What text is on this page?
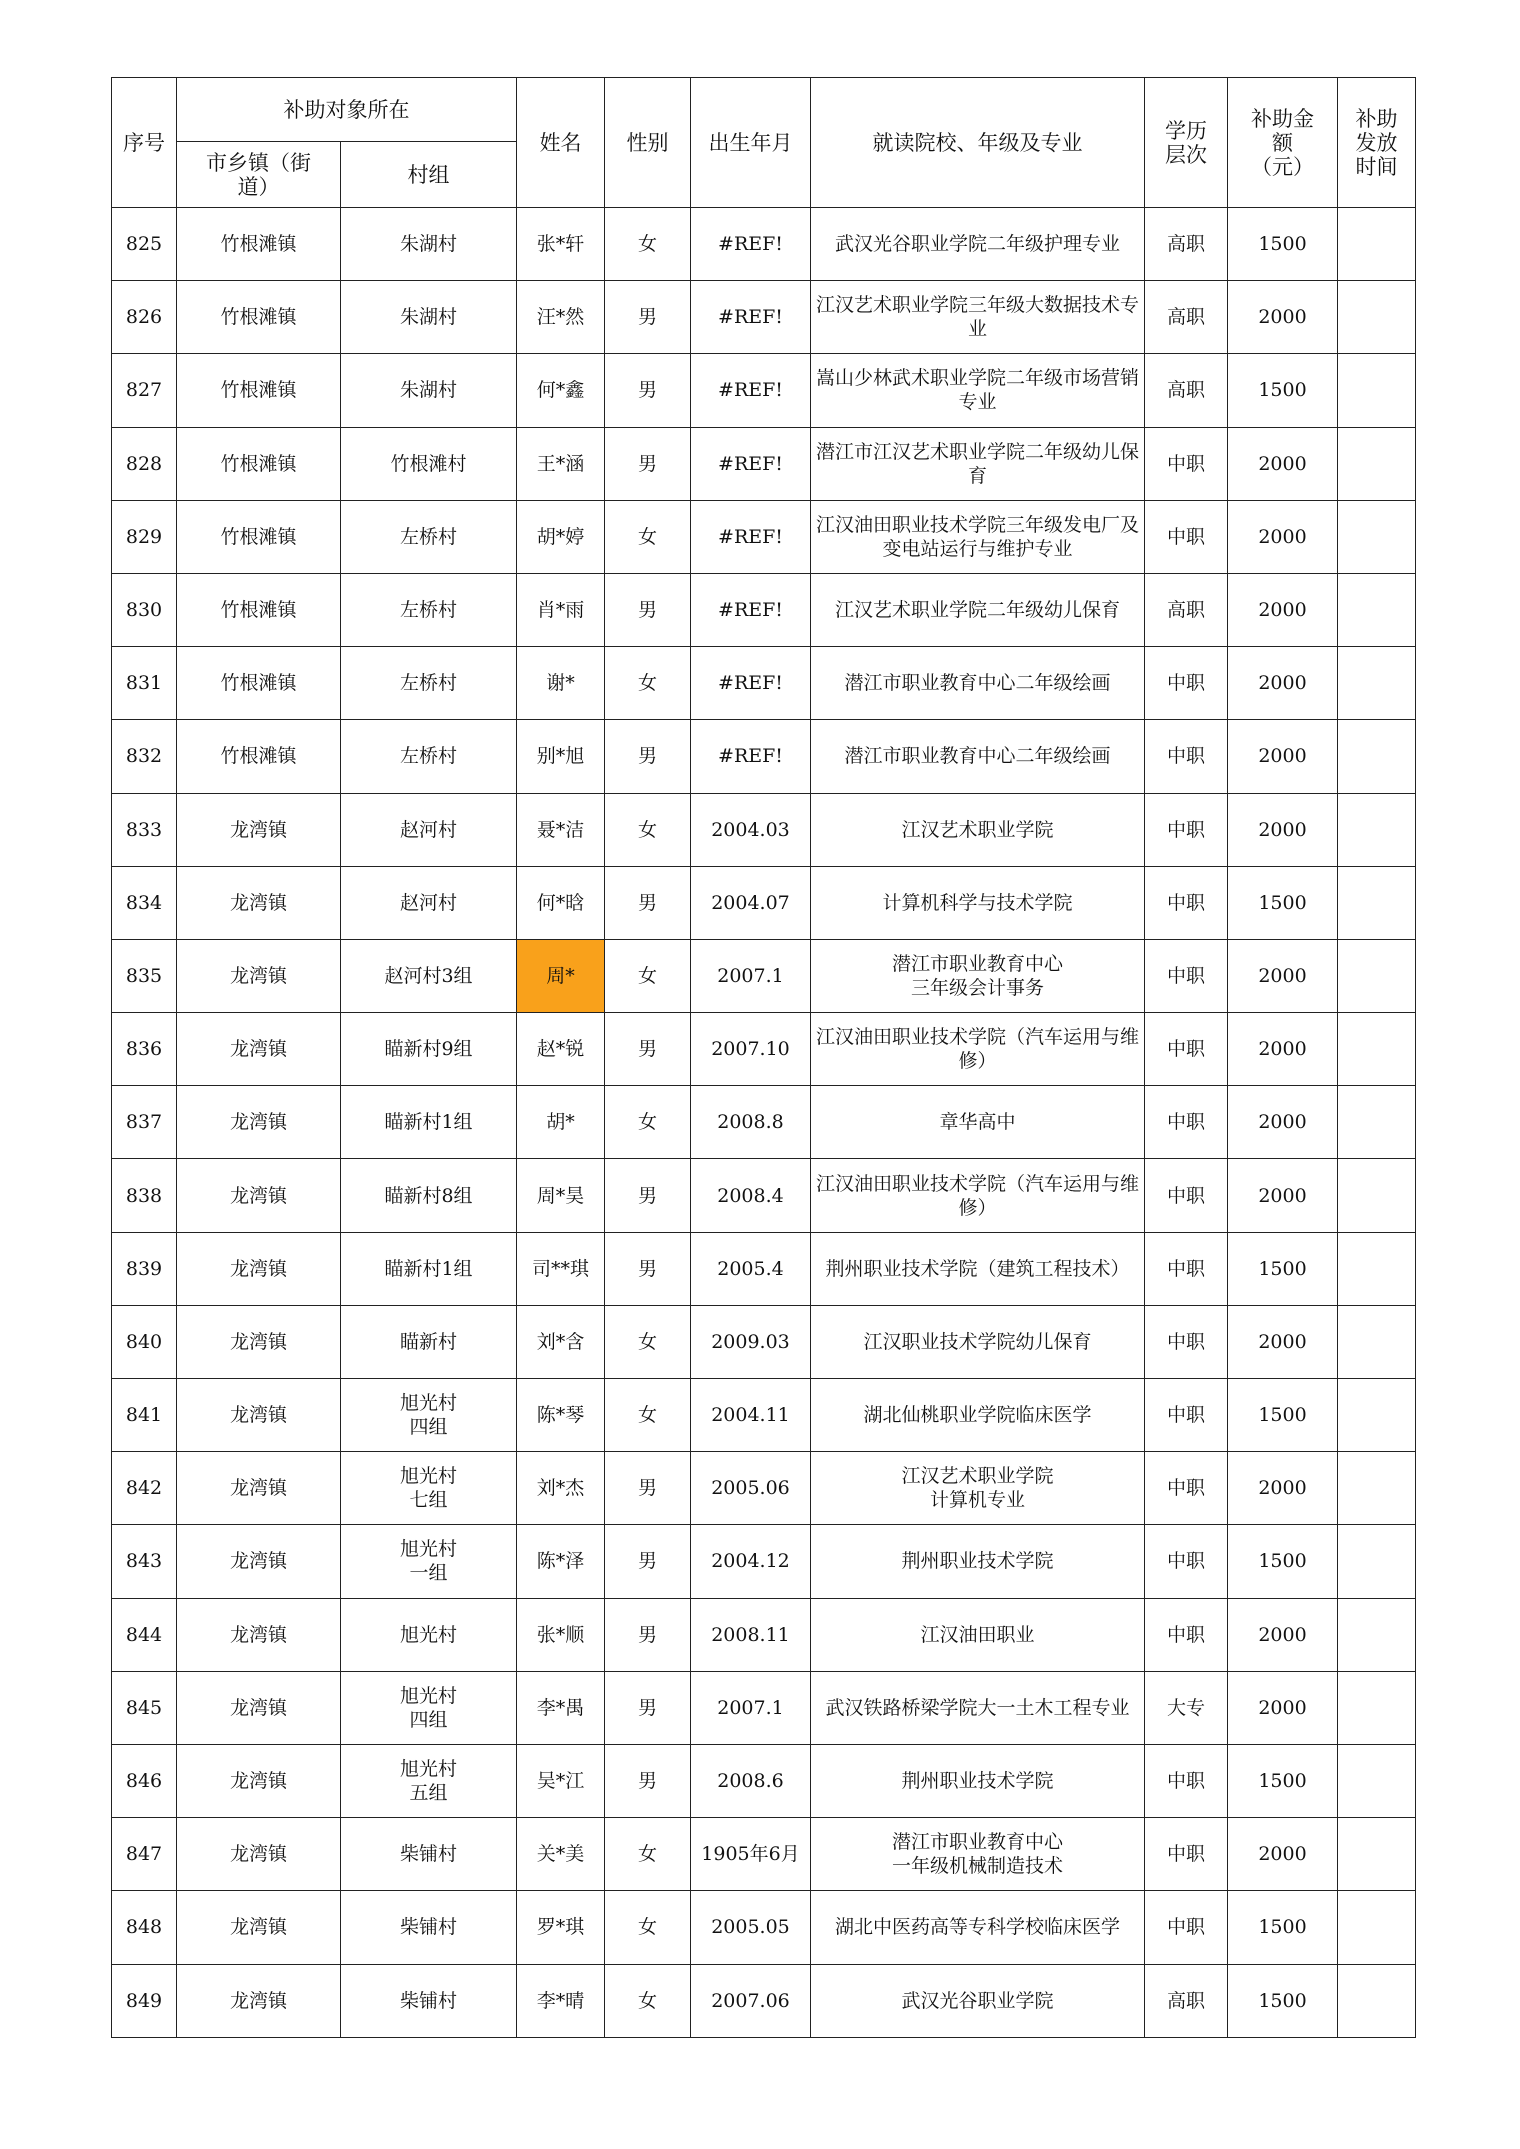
序号	补助对象所在		姓名	性别	出生年月	就读院校、年级及专业	学历层次	补助金额（元）	补助发放时间
	市乡镇（街道）	村组							
825	竹根滩镇	朱湖村	张*轩	女	#REF!	武汉光谷职业学院二年级护理专业	高职	1500	
826	竹根滩镇	朱湖村	汪*然	男	#REF!	江汉艺术职业学院三年级大数据技术专业	高职	2000	
827	竹根滩镇	朱湖村	何*鑫	男	#REF!	嵩山少林武术职业学院二年级市场营销专业	高职	1500	
828	竹根滩镇	竹根滩村	王*涵	男	#REF!	潜江市江汉艺术职业学院二年级幼儿保育	中职	2000	
829	竹根滩镇	左桥村	胡*婷	女	#REF!	江汉油田职业技术学院三年级发电厂及变电站运行与维护专业	中职	2000	
830	竹根滩镇	左桥村	肖*雨	男	#REF!	江汉艺术职业学院二年级幼儿保育	高职	2000	
831	竹根滩镇	左桥村	谢*	女	#REF!	潜江市职业教育中心二年级绘画	中职	2000	
832	竹根滩镇	左桥村	别*旭	男	#REF!	潜江市职业教育中心二年级绘画	中职	2000	
833	龙湾镇	赵河村	聂*洁	女	2004.03	江汉艺术职业学院	中职	2000	
834	龙湾镇	赵河村	何*晗	男	2004.07	计算机科学与技术学院	中职	1500	
835	龙湾镇	赵河村3组	周*	女	2007.1	潜江市职业教育中心
三年级会计事务	中职	2000	
836	龙湾镇	瞄新村9组	赵*锐	男	2007.10	江汉油田职业技术学院（汽车运用与维修）	中职	2000	
837	龙湾镇	瞄新村1组	胡*	女	2008.8	章华高中	中职	2000	
838	龙湾镇	瞄新村8组	周*昊	男	2008.4	江汉油田职业技术学院（汽车运用与维修）	中职	2000	
839	龙湾镇	瞄新村1组	司**琪	男	2005.4	荆州职业技术学院（建筑工程技术）	中职	1500	
840	龙湾镇	瞄新村	刘*含	女	2009.03	江汉职业技术学院幼儿保育	中职	2000	
841	龙湾镇	旭光村
四组	陈*琴	女	2004.11	湖北仙桃职业学院临床医学	中职	1500	
842	龙湾镇	旭光村
七组	刘*杰	男	2005.06	江汉艺术职业学院
计算机专业	中职	2000	
843	龙湾镇	旭光村
一组	陈*泽	男	2004.12	荆州职业技术学院	中职	1500	
844	龙湾镇	旭光村	张*顺	男	2008.11	江汉油田职业	中职	2000	
845	龙湾镇	旭光村
四组	李*禺	男	2007.1	武汉铁路桥梁学院大一土木工程专业	大专	2000	
846	龙湾镇	旭光村
五组	吴*江	男	2008.6	荆州职业技术学院	中职	1500	
847	龙湾镇	柴铺村	关*美	女	1905年6月	潜江市职业教育中心
一年级机械制造技术	中职	2000	
848	龙湾镇	柴铺村	罗*琪	女	2005.05	湖北中医药高等专科学校临床医学	中职	1500	
849	龙湾镇	柴铺村	李*晴	女	2007.06	武汉光谷职业学院	高职	1500	
